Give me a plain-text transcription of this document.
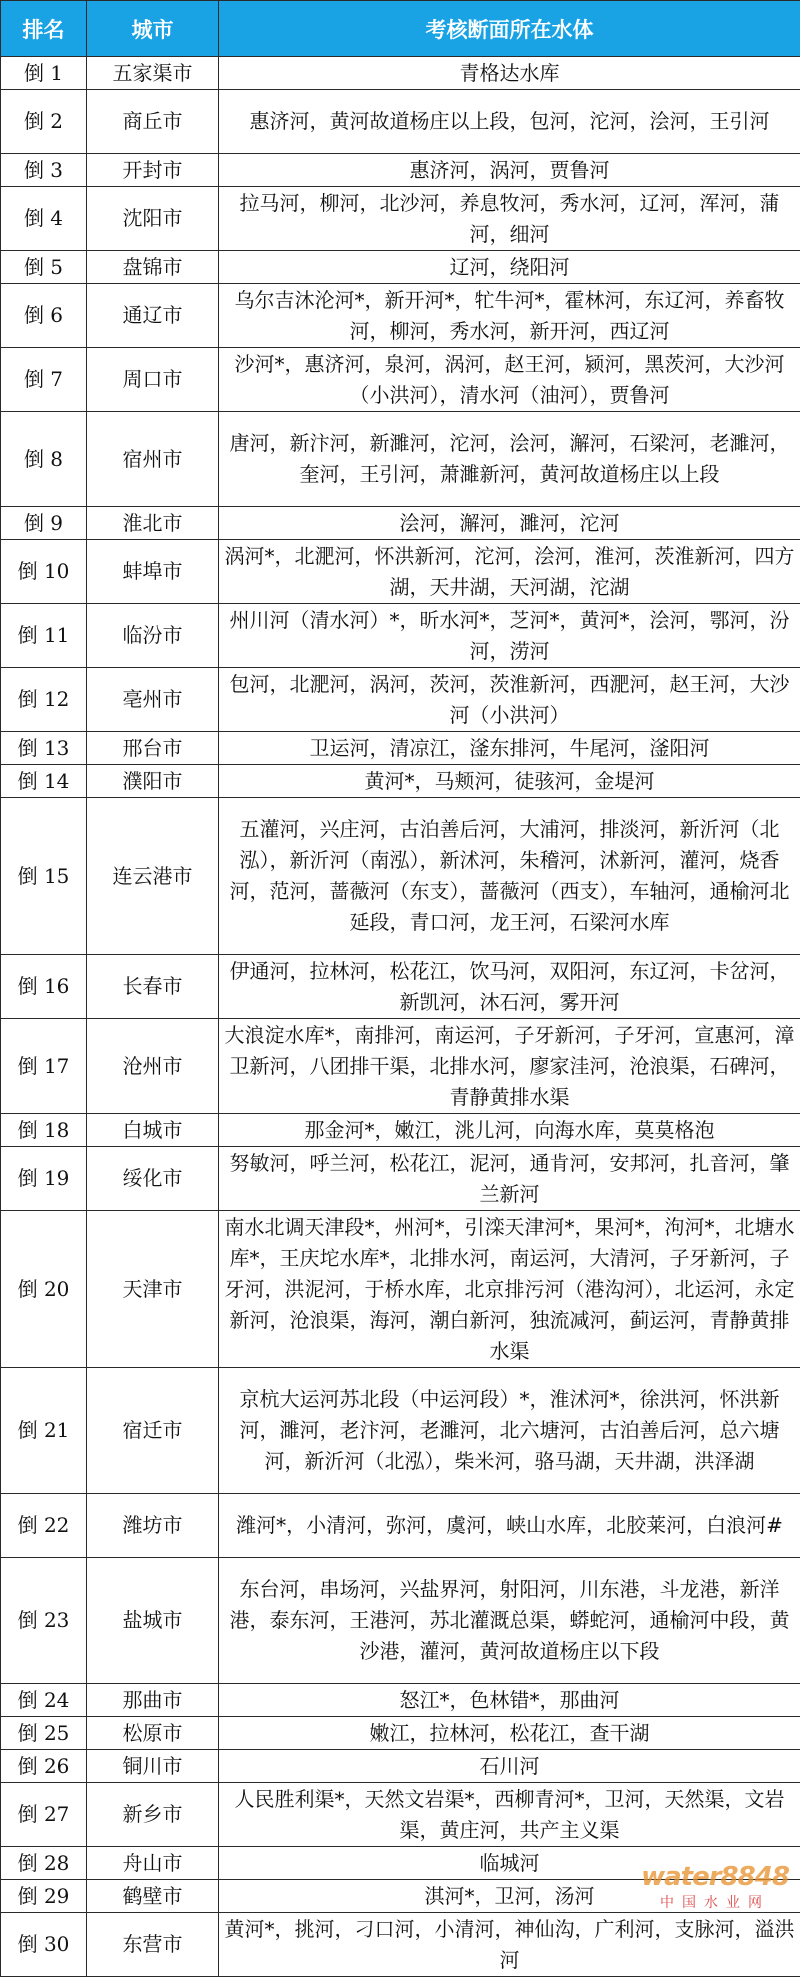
排名	城市	考核断面所在水体
倒 1	五家渠市	青格达水库
倒 2	商丘市	惠济河，黄河故道杨庄以上段，包河，沱河，浍河，王引河
倒 3	开封市	惠济河，涡河，贾鲁河
倒 4	沈阳市	拉马河，柳河，北沙河，养息牧河，秀水河，辽河，浑河，蒲河，细河
倒 5	盘锦市	辽河，绕阳河
倒 6	通辽市	乌尔吉沐沦河*，新开河*，牤牛河*，霍林河，东辽河，养畜牧河，柳河，秀水河，新开河，西辽河
倒 7	周口市	沙河*，惠济河，泉河，涡河，赵王河，颍河，黑茨河，大沙河（小洪河），清水河（油河），贾鲁河
倒 8	宿州市	唐河，新汴河，新濉河，沱河，浍河，澥河，石梁河，老濉河，奎河，王引河，萧濉新河，黄河故道杨庄以上段
倒 9	淮北市	浍河，澥河，濉河，沱河
倒 10	蚌埠市	涡河*，北淝河，怀洪新河，沱河，浍河，淮河，茨淮新河，四方湖，天井湖，天河湖，沱湖
倒 11	临汾市	州川河（清水河）*，昕水河*，芝河*，黄河*，浍河，鄂河，汾河，涝河
倒 12	亳州市	包河，北淝河，涡河，茨河，茨淮新河，西淝河，赵王河，大沙河（小洪河）
倒 13	邢台市	卫运河，清凉江，滏东排河，牛尾河，滏阳河
倒 14	濮阳市	黄河*，马颊河，徒骇河，金堤河
倒 15	连云港市	五灌河，兴庄河，古泊善后河，大浦河，排淡河，新沂河（北泓），新沂河（南泓），新沭河，朱稽河，沭新河，灌河，烧香河，范河，蔷薇河（东支），蔷薇河（西支），车轴河，通榆河北延段，青口河，龙王河，石梁河水库
倒 16	长春市	伊通河，拉林河，松花江，饮马河，双阳河，东辽河，卡岔河，新凯河，沐石河，雾开河
倒 17	沧州市	大浪淀水库*，南排河，南运河，子牙新河，子牙河，宣惠河，漳卫新河，八团排干渠，北排水河，廖家洼河，沧浪渠，石碑河，青静黄排水渠
倒 18	白城市	那金河*，嫩江，洮儿河，向海水库，莫莫格泡
倒 19	绥化市	努敏河，呼兰河，松花江，泥河，通肯河，安邦河，扎音河，肇兰新河
倒 20	天津市	南水北调天津段*，州河*，引滦天津河*，果河*，泃河*，北塘水库*，王庆坨水库*，北排水河，南运河，大清河，子牙新河，子牙河，洪泥河，于桥水库，北京排污河（港沟河），北运河，永定新河，沧浪渠，海河，潮白新河，独流减河，蓟运河，青静黄排水渠
倒 21	宿迁市	京杭大运河苏北段（中运河段）*，淮沭河*，徐洪河，怀洪新河，濉河，老汴河，老濉河，北六塘河，古泊善后河，总六塘河，新沂河（北泓），柴米河，骆马湖，天井湖，洪泽湖
倒 22	潍坊市	潍河*，小清河，弥河，虞河，峡山水库，北胶莱河，白浪河#
倒 23	盐城市	东台河，串场河，兴盐界河，射阳河，川东港，斗龙港，新洋港，泰东河，王港河，苏北灌溉总渠，蟒蛇河，通榆河中段，黄沙港，灌河，黄河故道杨庄以下段
倒 24	那曲市	怒江*，色林错*，那曲河
倒 25	松原市	嫩江，拉林河，松花江，查干湖
倒 26	铜川市	石川河
倒 27	新乡市	人民胜利渠*，天然文岩渠*，西柳青河*，卫河，天然渠，文岩渠，黄庄河，共产主义渠
倒 28	舟山市	临城河
倒 29	鹤壁市	淇河*，卫河，汤河
倒 30	东营市	黄河*，挑河，刁口河，小清河，神仙沟，广利河，支脉河，溢洪河
water8848
中国水业网
